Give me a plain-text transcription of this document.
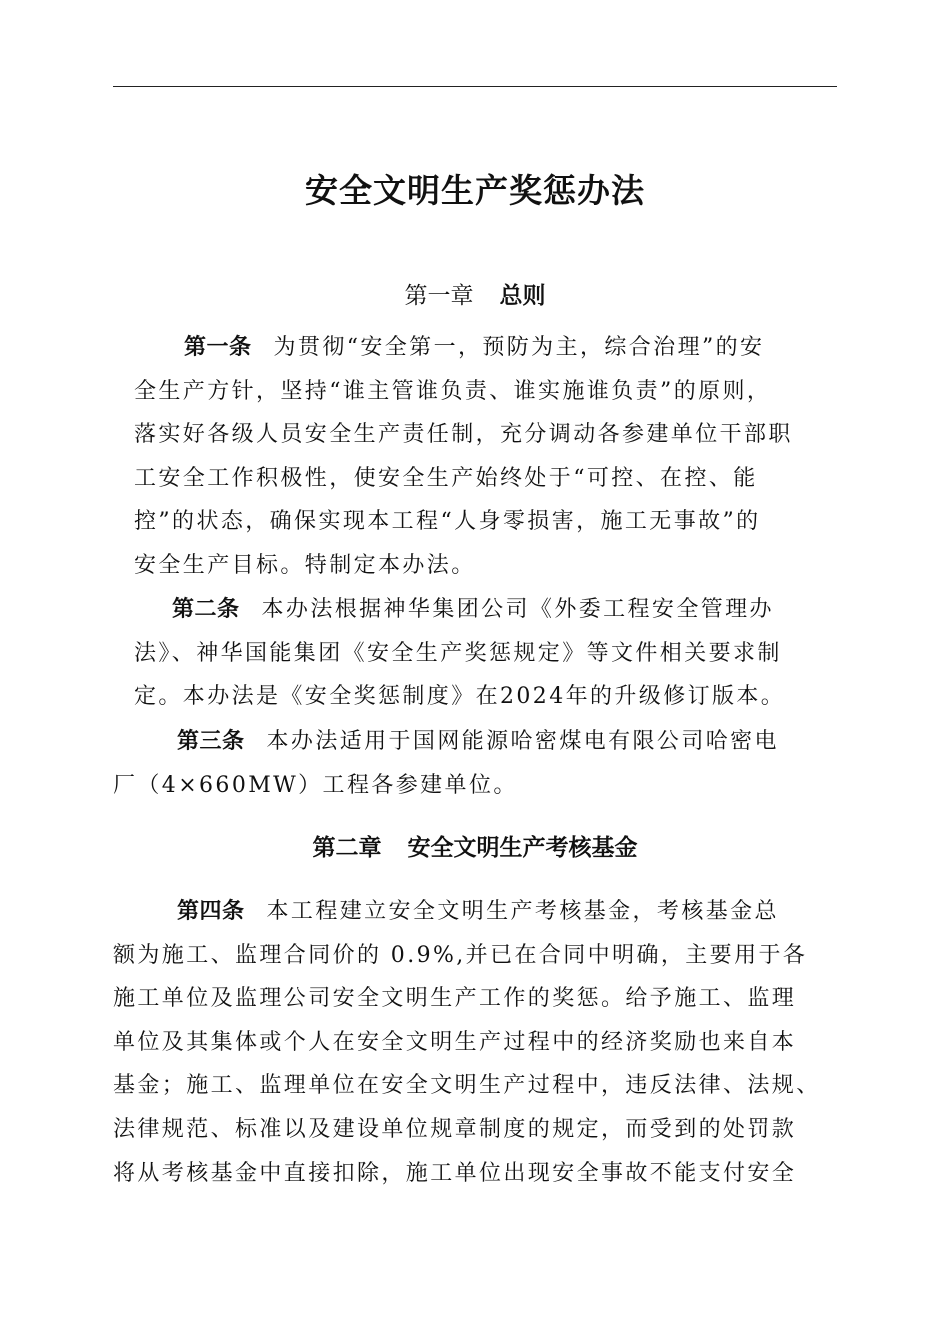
安全文明生产奖惩办法
第一章 总则
第一条 为贯彻“安全第一，预防为主，综合治理”的安
全生产方针，坚持“谁主管谁负责、谁实施谁负责”的原则，
落实好各级人员安全生产责任制，充分调动各参建单位干部职
工安全工作积极性，使安全生产始终处于“可控、在控、能
控”的状态，确保实现本工程“人身零损害，施工无事故”的
安全生产目标。特制定本办法。
第二条 本办法根据神华集团公司《外委工程安全管理办
法》、神华国能集团《安全生产奖惩规定》等文件相关要求制
定。本办法是《安全奖惩制度》在2024年的升级修订版本。
第三条 本办法适用于国网能源哈密煤电有限公司哈密电
厂（4×660MW）工程各参建单位。
第二章 安全文明生产考核基金
第四条 本工程建立安全文明生产考核基金，考核基金总
额为施工、监理合同价的 0.9%,并已在合同中明确，主要用于各
施工单位及监理公司安全文明生产工作的奖惩。给予施工、监理
单位及其集体或个人在安全文明生产过程中的经济奖励也来自本
基金；施工、监理单位在安全文明生产过程中，违反法律、法规、
法律规范、标准以及建设单位规章制度的规定，而受到的处罚款
将从考核基金中直接扣除，施工单位出现安全事故不能支付安全
